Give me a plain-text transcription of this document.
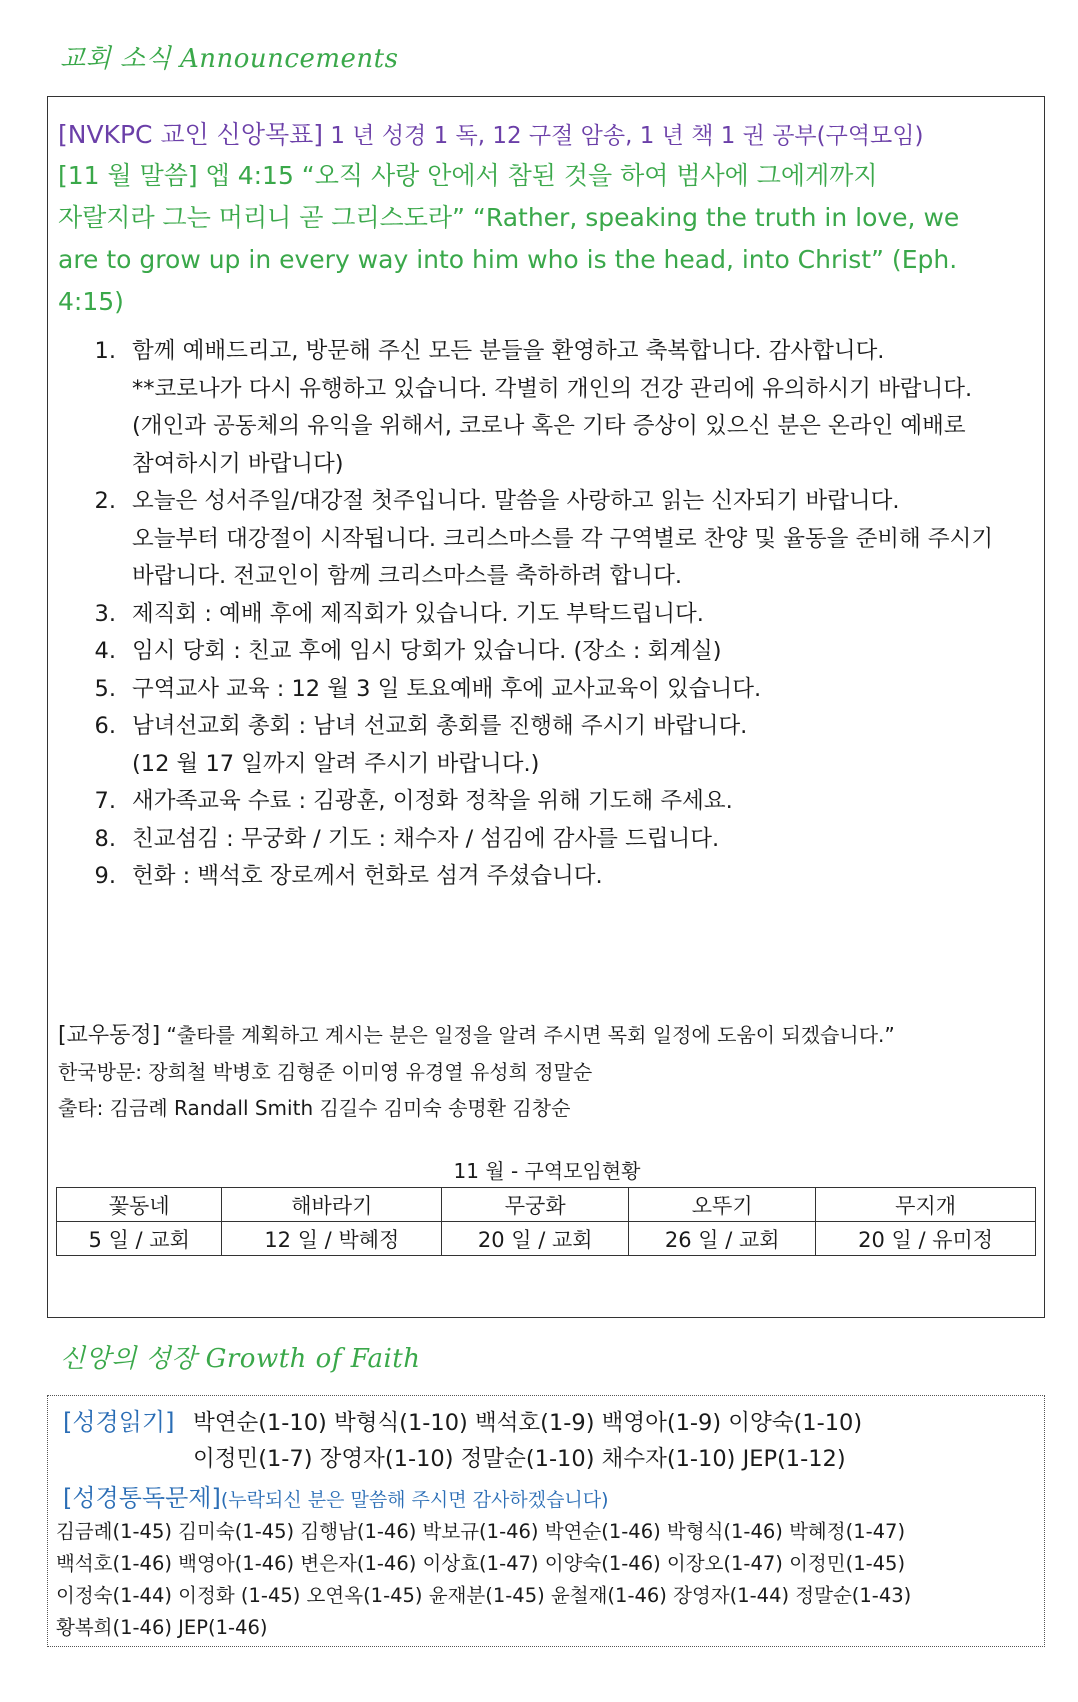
교회 소식 Announcements
[NVKPC 교인 신앙목표] 1 년 성경 1 독, 12 구절 암송, 1 년 책 1 권 공부(구역모임)
[11 월 말씀] 엡 4:15 “오직 사랑 안에서 참된 것을 하여 범사에 그에게까지
자랄지라 그는 머리니 곧 그리스도라” “Rather, speaking the truth in love, we
are to grow up in every way into him who is the head, into Christ” (Eph.
4:15)
1. 함께 예배드리고, 방문해 주신 모든 분들을 환영하고 축복합니다. 감사합니다.
**코로나가 다시 유행하고 있습니다. 각별히 개인의 건강 관리에 유의하시기 바랍니다.
(개인과 공동체의 유익을 위해서, 코로나 혹은 기타 증상이 있으신 분은 온라인 예배로
참여하시기 바랍니다)
2. 오늘은 성서주일/대강절 첫주입니다. 말씀을 사랑하고 읽는 신자되기 바랍니다.
오늘부터 대강절이 시작됩니다. 크리스마스를 각 구역별로 찬양 및 율동을 준비해 주시기
바랍니다. 전교인이 함께 크리스마스를 축하하려 합니다.
3. 제직회 : 예배 후에 제직회가 있습니다. 기도 부탁드립니다.
4. 임시 당회 : 친교 후에 임시 당회가 있습니다. (장소 : 회계실)
5. 구역교사 교육 : 12 월 3 일 토요예배 후에 교사교육이 있습니다.
6. 남녀선교회 총회 : 남녀 선교회 총회를 진행해 주시기 바랍니다.
(12 월 17 일까지 알려 주시기 바랍니다.)
7. 새가족교육 수료 : 김광훈, 이정화 정착을 위해 기도해 주세요.
8. 친교섬김 : 무궁화 / 기도 : 채수자 / 섬김에 감사를 드립니다.
9. 헌화 : 백석호 장로께서 헌화로 섬겨 주셨습니다.
[교우동정] “출타를 계획하고 계시는 분은 일정을 알려 주시면 목회 일정에 도움이 되겠습니다.”
한국방문: 장희철 박병호 김형준 이미영 유경열 유성희 정말순
출타: 김금례 Randall Smith 김길수 김미숙 송명환 김창순
11 월 - 구역모임현황
꽃동네	해바라기	무궁화	오뚜기	무지개
5 일 / 교회	12 일 / 박혜정	20 일 / 교회	26 일 / 교회	20 일 / 유미정
신앙의 성장 Growth of Faith
[성경읽기] 박연순(1-10) 박형식(1-10) 백석호(1-9) 백영아(1-9) 이양숙(1-10)
이정민(1-7) 장영자(1-10) 정말순(1-10) 채수자(1-10) JEP(1-12)
[성경통독문제](누락되신 분은 말씀해 주시면 감사하겠습니다)
김금례(1-45) 김미숙(1-45) 김행남(1-46) 박보규(1-46) 박연순(1-46) 박형식(1-46) 박혜정(1-47)
백석호(1-46) 백영아(1-46) 변은자(1-46) 이상효(1-47) 이양숙(1-46) 이장오(1-47) 이정민(1-45)
이정숙(1-44) 이정화 (1-45) 오연옥(1-45) 윤재분(1-45) 윤철재(1-46) 장영자(1-44) 정말순(1-43)
황복희(1-46) JEP(1-46)
